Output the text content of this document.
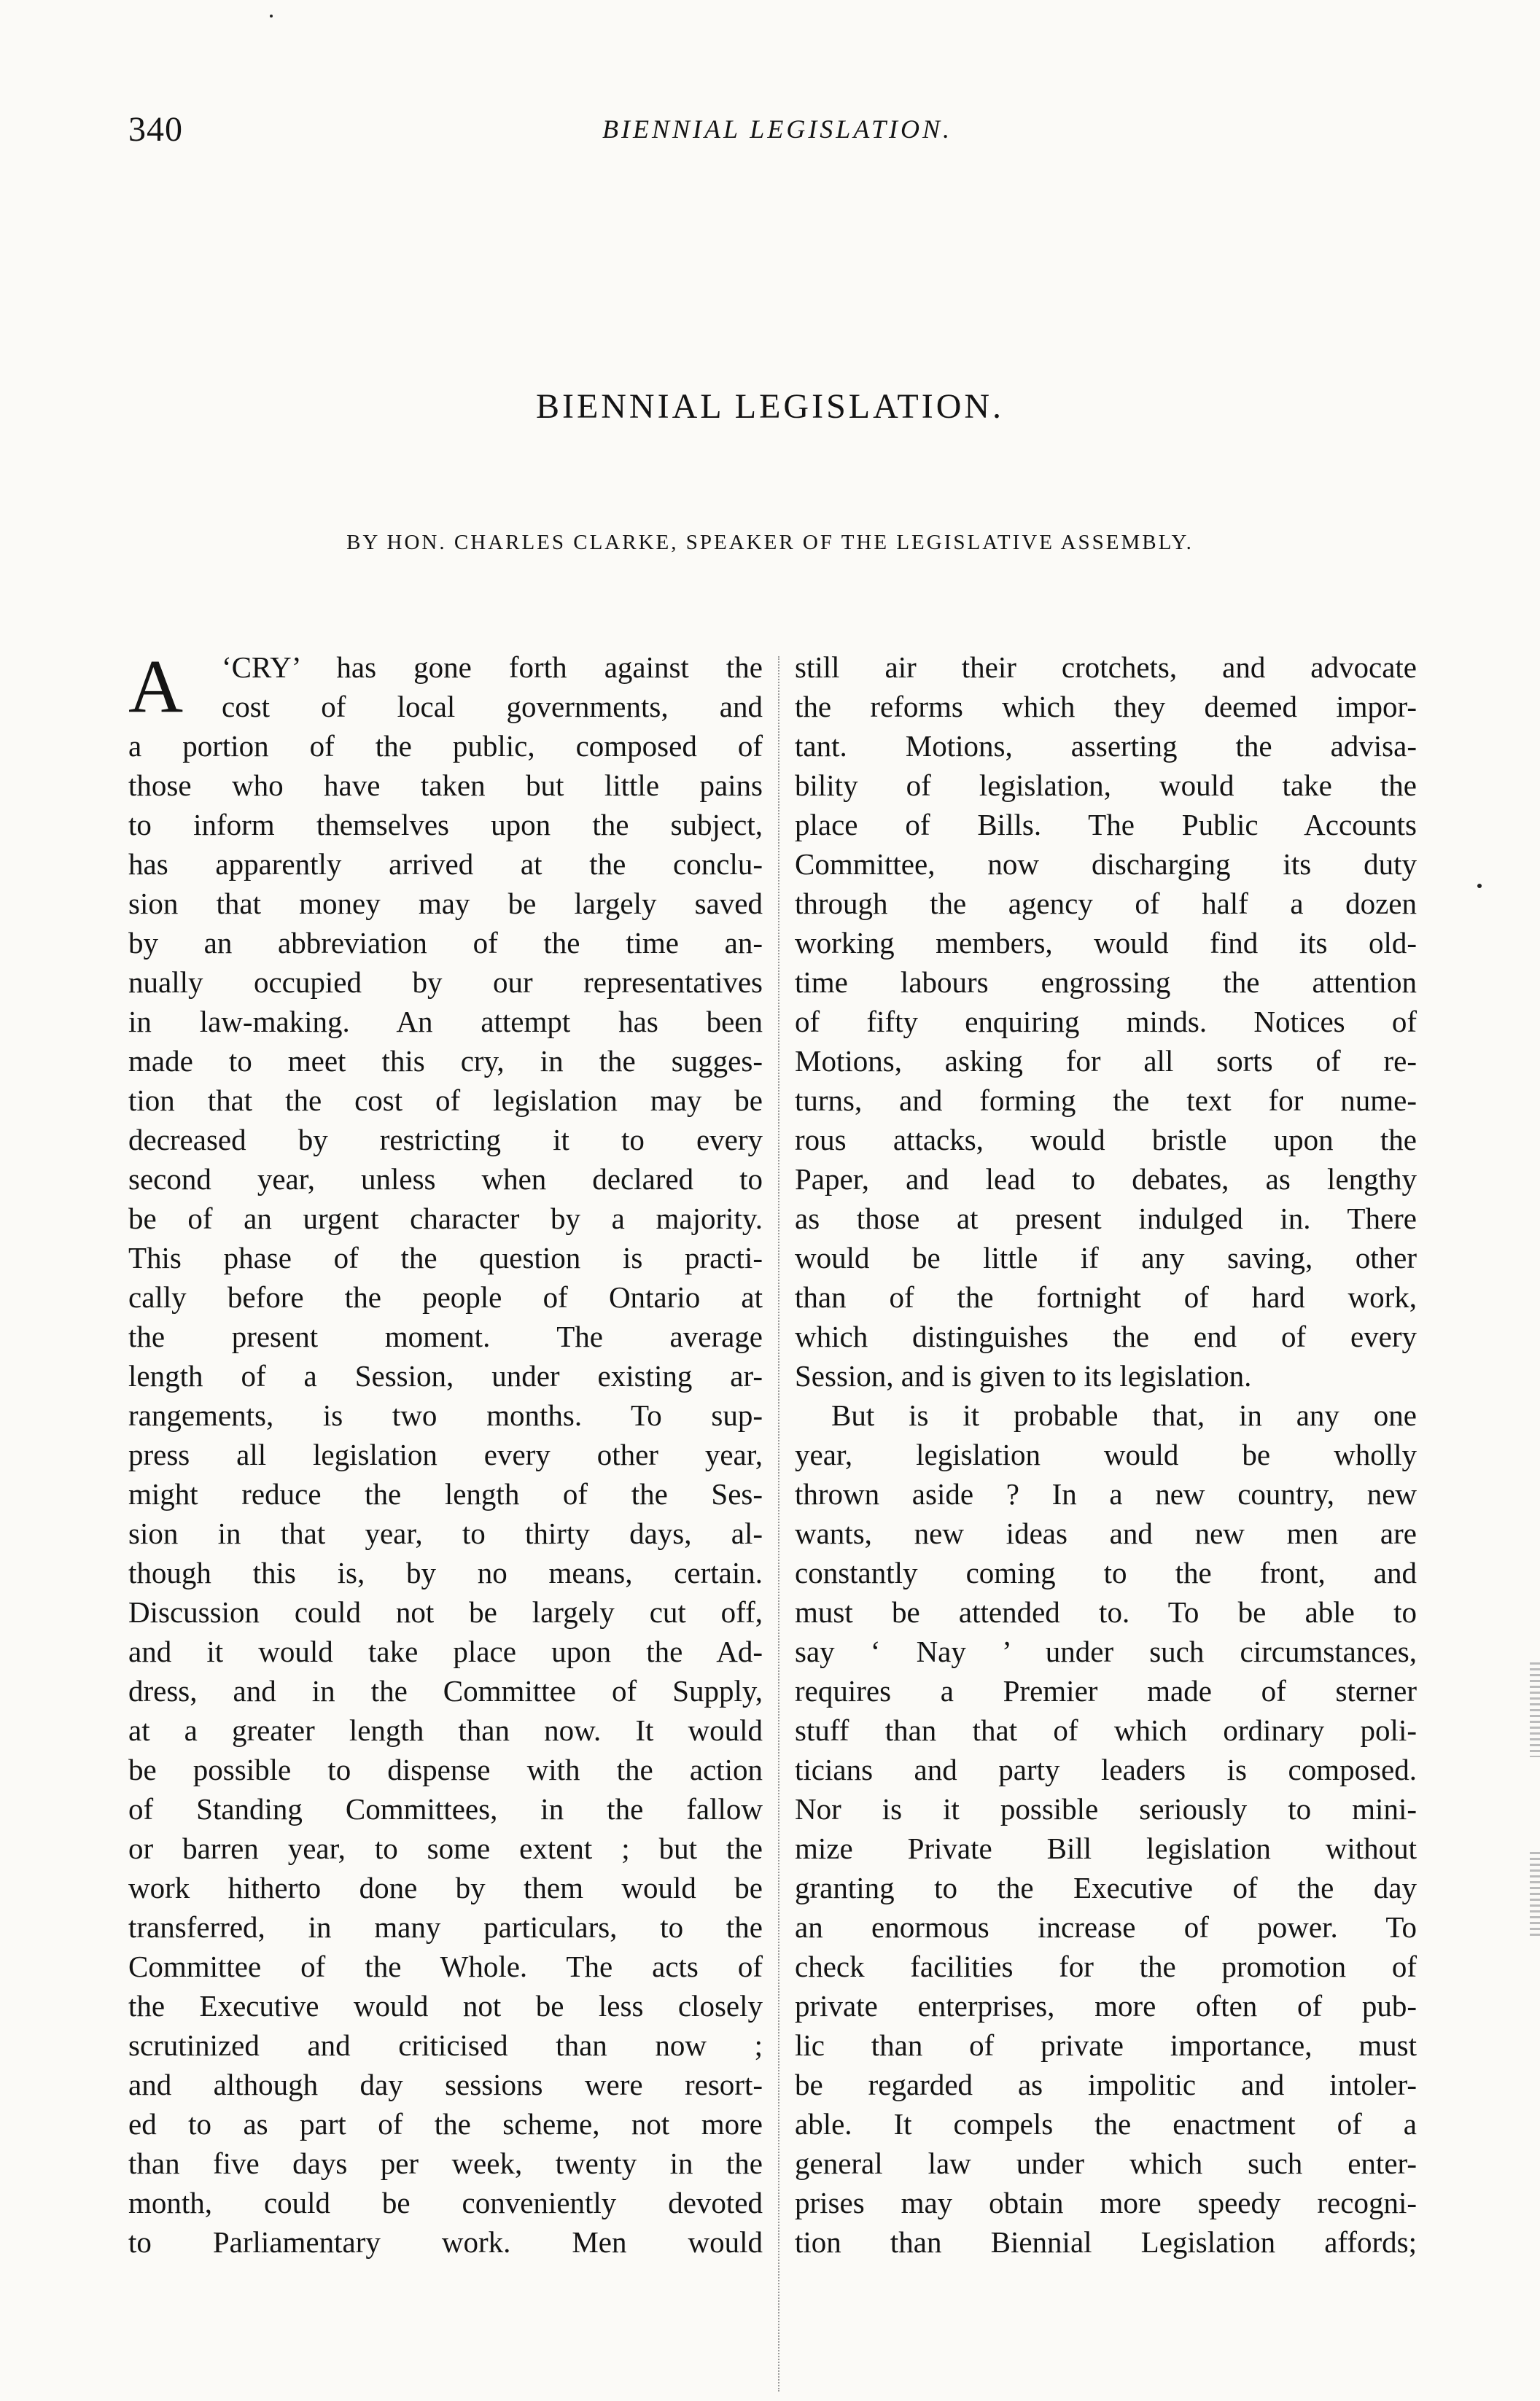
340	BIENNIAL LEGISLATION.
BIENNIAL LEGISLATION.
BY HON. CHARLES CLARKE, SPEAKER OF THE LEGISLATIVE ASSEMBLY.
A	‘CRY’ has gone forth against the
cost of local governments, and
a portion of the public, composed of
those who have taken but little pains
to inform themselves upon the subject,
has apparently arrived at the conclu-
sion that money may be largely saved
by an abbreviation of the time an-
nually occupied by our representatives
in law-making. An attempt has been
made to meet this cry, in the sugges-
tion that the cost of legislation may be
decreased by restricting it to every
second year, unless when declared to
be of an urgent character by a majority.
This phase of the question is practi-
cally before the people of Ontario at
the present moment. The average
length of a Session, under existing ar-
rangements, is two months. To sup-
press all legislation every other year,
might reduce the length of the Ses-
sion in that year, to thirty days, al-
though this is, by no means, certain.
Discussion could not be largely cut off,
and it would take place upon the Ad-
dress, and in the Committee of Supply,
at a greater length than now. It would
be possible to dispense with the action
of Standing Committees, in the fallow
or barren year, to some extent ; but the
work hitherto done by them would be
transferred, in many particulars, to the
Committee of the Whole. The acts of
the Executive would not be less closely
scrutinized and criticised than now ;
and although day sessions were resort-
ed to as part of the scheme, not more
than five days per week, twenty in the
month, could be conveniently devoted
to Parliamentary work. Men would
still air their crotchets, and advocate
the reforms which they deemed impor-
tant. Motions, asserting the advisa-
bility of legislation, would take the
place of Bills. The Public Accounts
Committee, now discharging its duty
through the agency of half a dozen
working members, would find its old-
time labours engrossing the attention
of fifty enquiring minds. Notices of
Motions, asking for all sorts of re-
turns, and forming the text for nume-
rous attacks, would bristle upon the
Paper, and lead to debates, as lengthy
as those at present indulged in. There
would be little if any saving, other
than of the fortnight of hard work,
which distinguishes the end of every
Session, and is given to its legislation.
But is it probable that, in any one
year, legislation would be wholly
thrown aside ? In a new country, new
wants, new ideas and new men are
constantly coming to the front, and
must be attended to. To be able to
say ‘ Nay ’ under such circumstances,
requires a Premier made of sterner
stuff than that of which ordinary poli-
ticians and party leaders is composed.
Nor is it possible seriously to mini-
mize Private Bill legislation without
granting to the Executive of the day
an enormous increase of power. To
check facilities for the promotion of
private enterprises, more often of pub-
lic than of private importance, must
be regarded as impolitic and intoler-
able. It compels the enactment of a
general law under which such enter-
prises may obtain more speedy recogni-
tion than Biennial Legislation affords;
